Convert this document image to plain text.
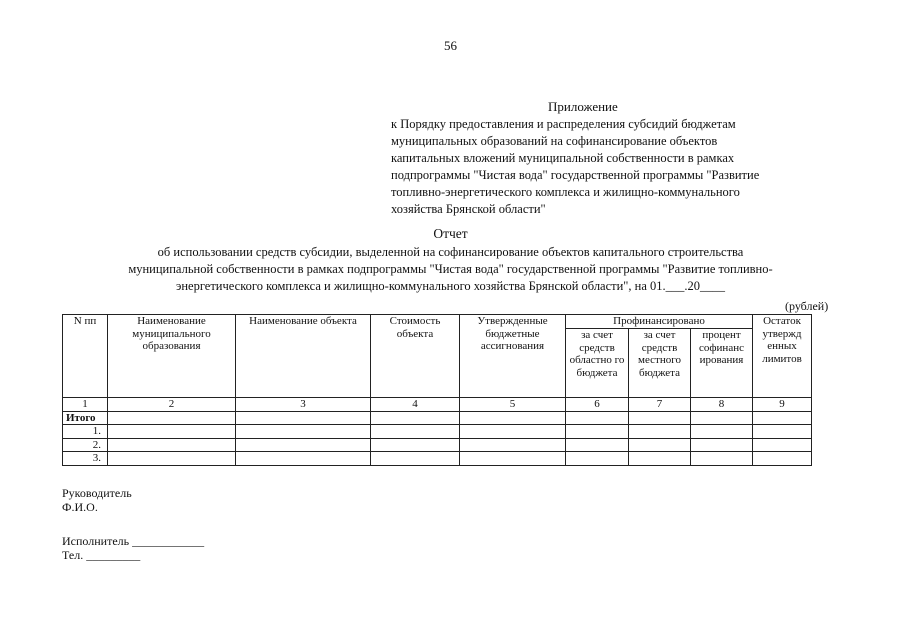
56
Приложение
к Порядку предоставления и распределения субсидий бюджетам
муниципальных образований на софинансирование объектов
капитальных вложений муниципальной собственности в рамках
подпрограммы "Чистая вода" государственной программы "Развитие
топливно-энергетического комплекса и жилищно-коммунального
хозяйства Брянской области"
Отчет
об использовании средств субсидии, выделенной на софинансирование объектов капитального строительства
муниципальной собственности в рамках подпрограммы "Чистая вода" государственной программы "Развитие топливно-
энергетического комплекса и жилищно-коммунального хозяйства Брянской области", на 01.___.20____
(рублей)
N пп	Наименование муниципального образования	Наименование объекта	Стоимость объекта	Утвержденные бюджетные ассигнования	Профинансировано			Остаток утвержд енных лимитов
					за счет средств областно го бюджета	за счет средств местного бюджета	процент софинанс ирования	
1	2	3	4	5	6	7	8	9
Итого								
1.								
2.								
3.								
Руководитель
Ф.И.О.
Исполнитель ____________
Тел. _________
